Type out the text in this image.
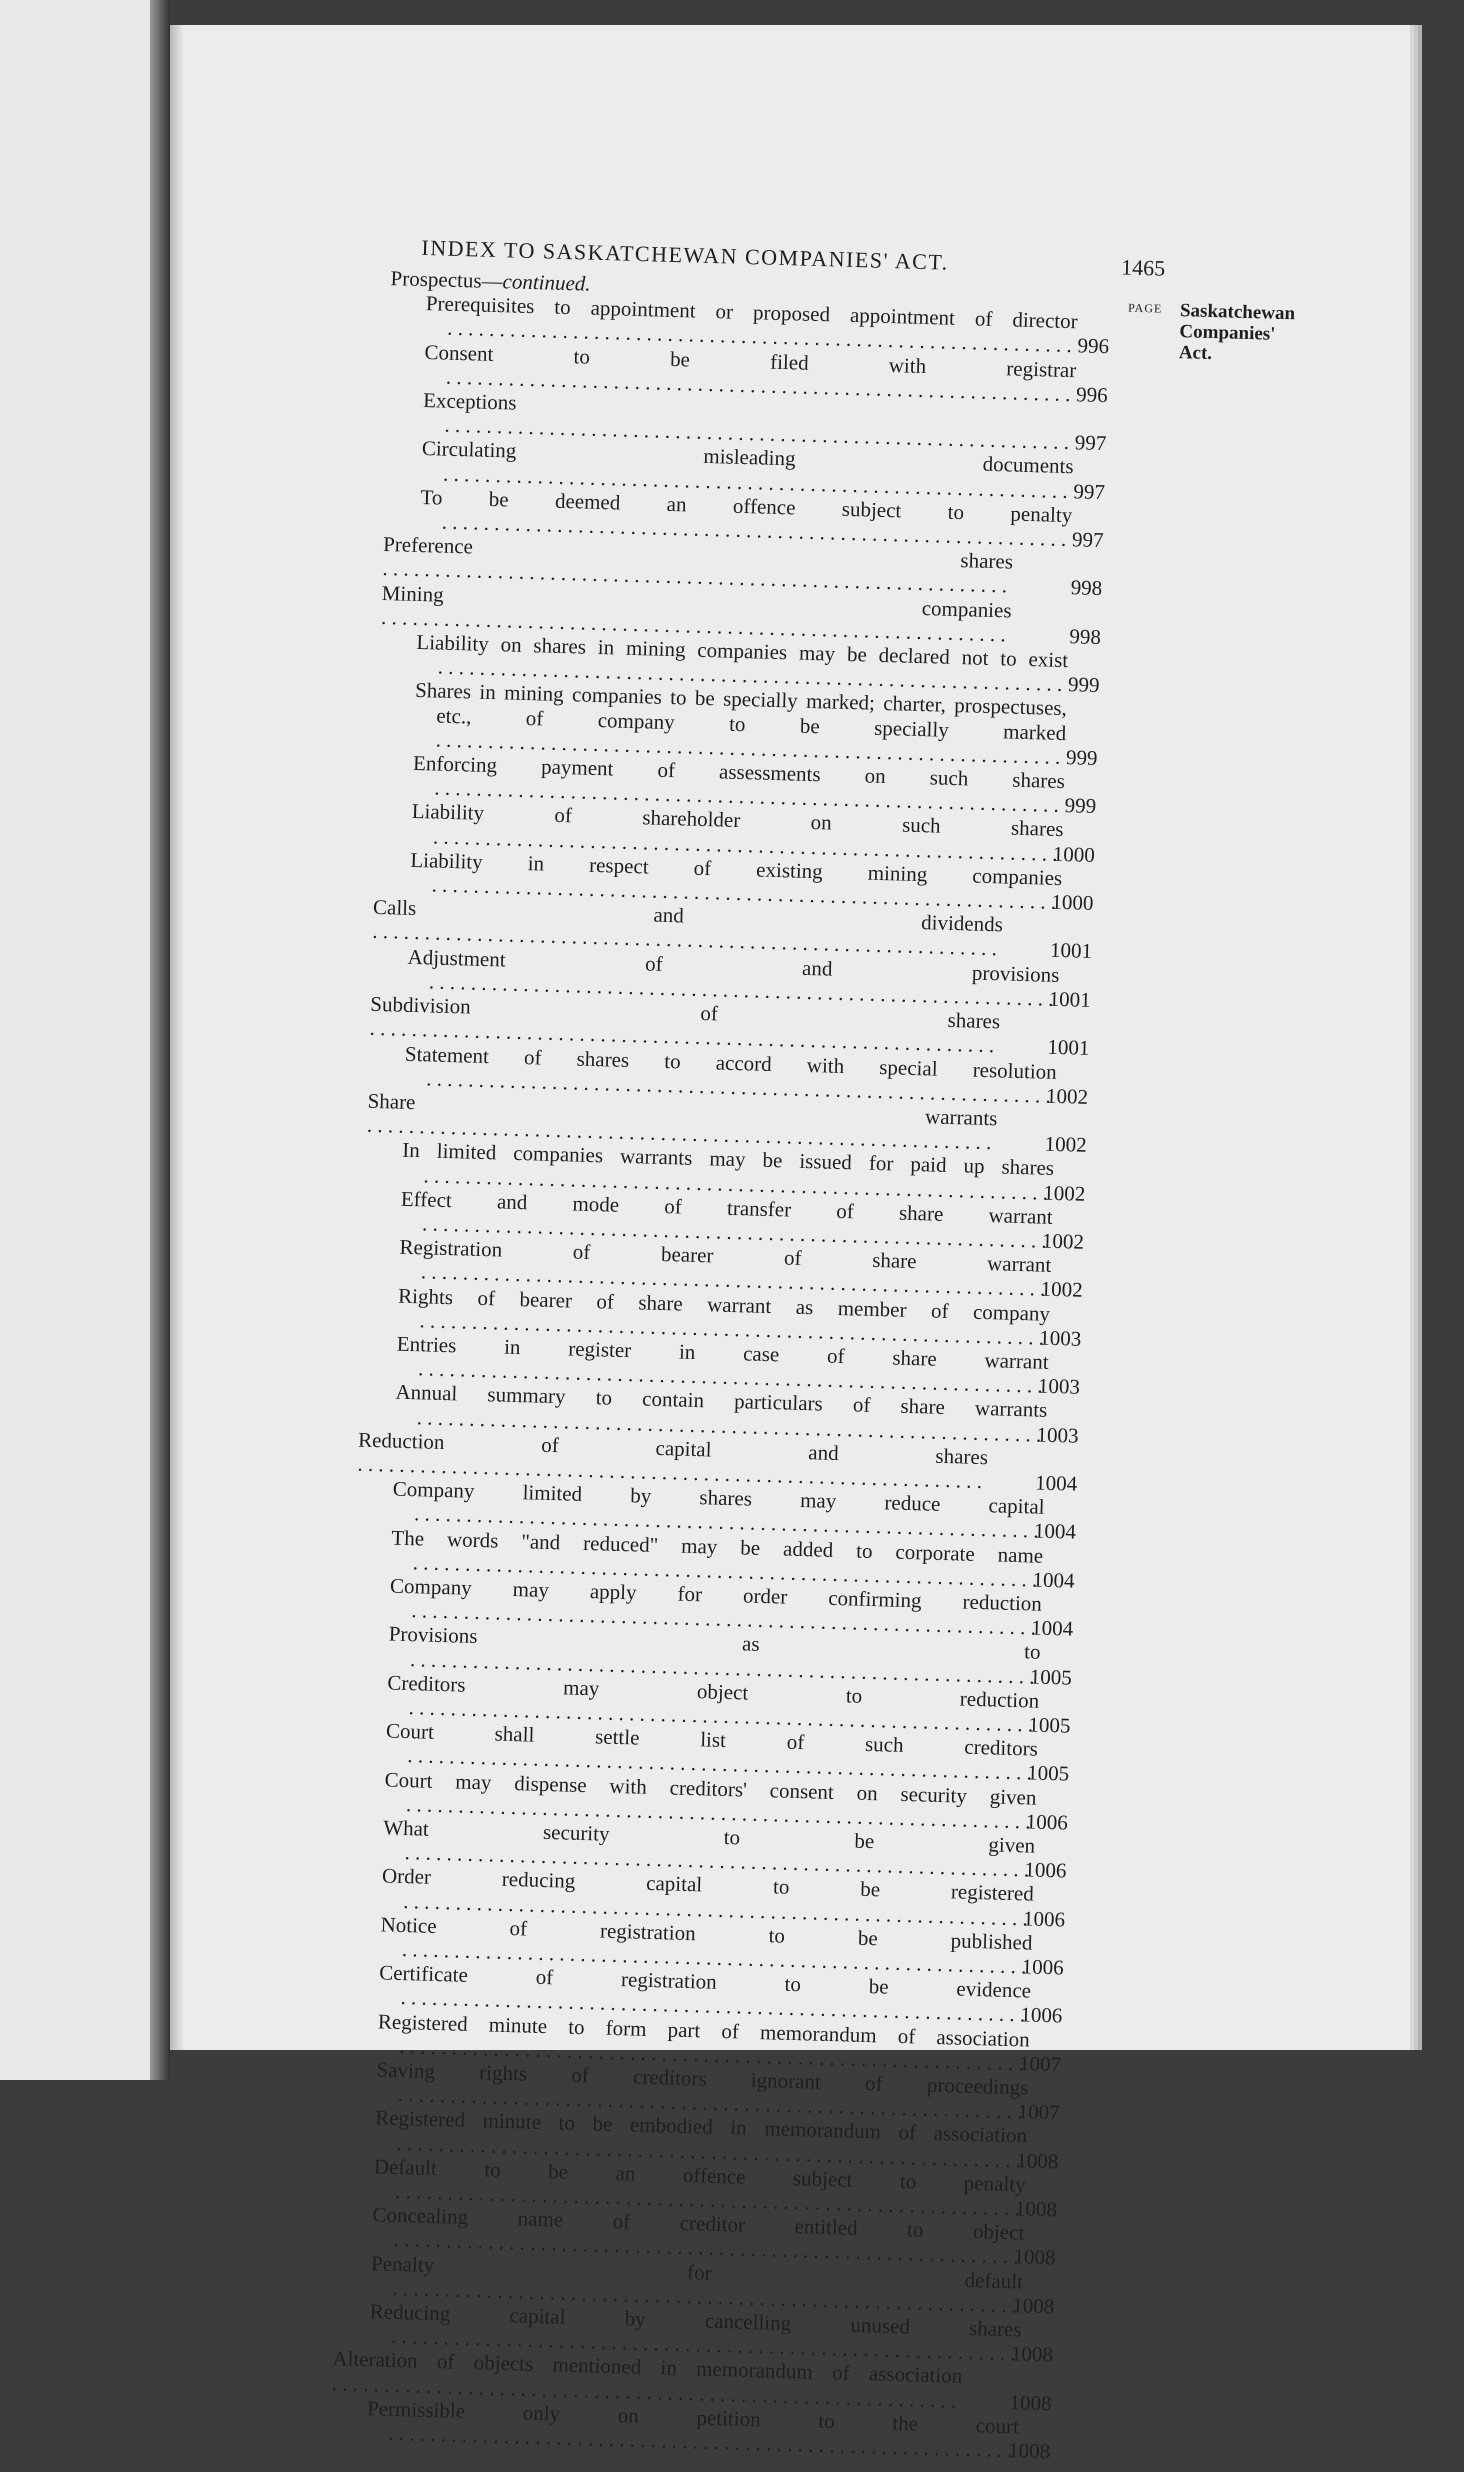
INDEX TO SASKATCHEWAN COMPANIES' ACT.	1465
PAGE Saskatchewan
Companies'
Act.
Prospectus—continued.
Prerequisites to appointment or proposed appointment of director . . .
996
Consent to be filed with registrar . . .
996
Exceptions . . .
997
Circulating misleading documents . . .
997
To be deemed an offence subject to penalty . . .
997
Preference shares . . .
998
Mining companies . . .
998
Liability on shares in mining companies may be declared not to exist . . .
999
Shares in mining companies to be specially marked; charter, prospectuses, etc., of company to be specially marked . . .
999
Enforcing payment of assessments on such shares . . .
999
Liability of shareholder on such shares . . .
1000
Liability in respect of existing mining companies . . .
1000
Calls and dividends . . .
1001
Adjustment of and provisions . . .
1001
Subdivision of shares . . .
1001
Statement of shares to accord with special resolution . . .
1002
Share warrants . . .
1002
In limited companies warrants may be issued for paid up shares . . .
1002
Effect and mode of transfer of share warrant . . .
1002
Registration of bearer of share warrant . . .
1002
Rights of bearer of share warrant as member of company . . .
1003
Entries in register in case of share warrant . . .
1003
Annual summary to contain particulars of share warrants . . .
1003
Reduction of capital and shares . . .
1004
Company limited by shares may reduce capital . . .
1004
The words "and reduced" may be added to corporate name . . .
1004
Company may apply for order confirming reduction . . .
1004
Provisions as to . . .
1005
Creditors may object to reduction . . .
1005
Court shall settle list of such creditors . . .
1005
Court may dispense with creditors' consent on security given . . .
1006
What security to be given . . .
1006
Order reducing capital to be registered . . .
1006
Notice of registration to be published . . .
1006
Certificate of registration to be evidence . . .
1006
Registered minute to form part of memorandum of association . . .
1007
Saving rights of creditors ignorant of proceedings . . .
1007
Registered minute to be embodied in memorandum of association . . .
1008
Default to be an offence subject to penalty . . .
1008
Concealing name of creditor entitled to object . . .
1008
Penalty for default . . .
1008
Reducing capital by cancelling unused shares . . .
1008
Alteration of objects mentioned in memorandum of association . . .
1008
Permissible only on petition to the court . . .
1008
